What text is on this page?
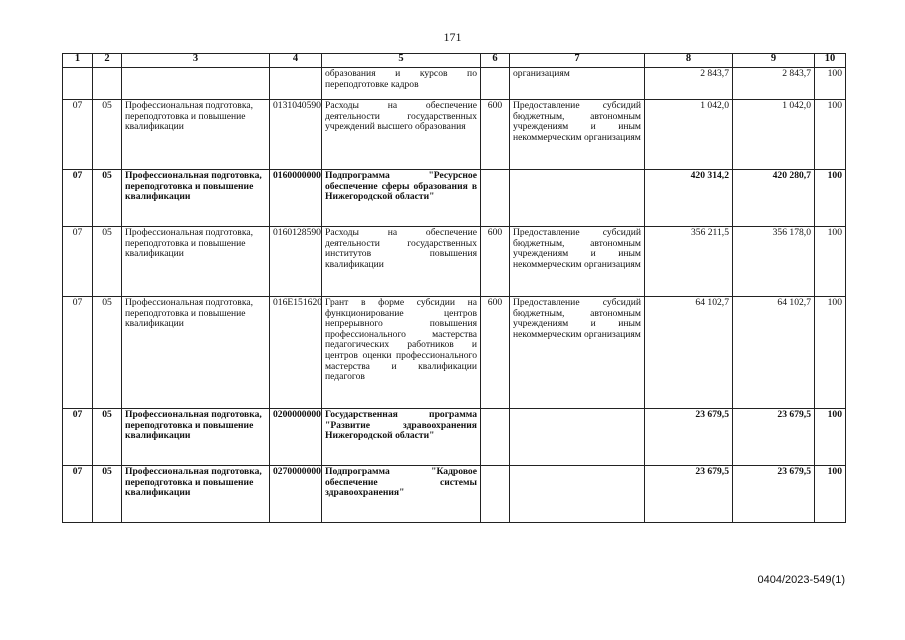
171
1	2	3	4	5	6	7	8	9	10
				образования и курсов по переподготовке кадров		организациям	2 843,7	2 843,7	100
07	05	Профессиональная подготовка, переподготовка и повышение квалификации	0131040590	Расходы на обеспечение деятельности государственных учреждений высшего образования	600	Предоставление субсидий бюджетным, автономным учреждениям и иным некоммерческим организациям	1 042,0	1 042,0	100
07	05	Профессиональная подготовка, переподготовка и повышение квалификации	0160000000	Подпрограмма "Ресурсное обеспечение сферы образования в Нижегородской области"			420 314,2	420 280,7	100
07	05	Профессиональная подготовка, переподготовка и повышение квалификации	0160128590	Расходы на обеспечение деятельности государственных институтов повышения квалификации	600	Предоставление субсидий бюджетным, автономным учреждениям и иным некоммерческим организациям	356 211,5	356 178,0	100
07	05	Профессиональная подготовка, переподготовка и повышение квалификации	016Е151620	Грант в форме субсидии на функционирование центров непрерывного повышения профессионального мастерства педагогических работников и центров оценки профессионального мастерства и квалификации педагогов	600	Предоставление субсидий бюджетным, автономным учреждениям и иным некоммерческим организациям	64 102,7	64 102,7	100
07	05	Профессиональная подготовка, переподготовка и повышение квалификации	0200000000	Государственная программа "Развитие здравоохранения Нижегородской области"			23 679,5	23 679,5	100
07	05	Профессиональная подготовка, переподготовка и повышение квалификации	0270000000	Подпрограмма "Кадровое обеспечение системы здравоохранения"			23 679,5	23 679,5	100
0404/2023-549(1)
